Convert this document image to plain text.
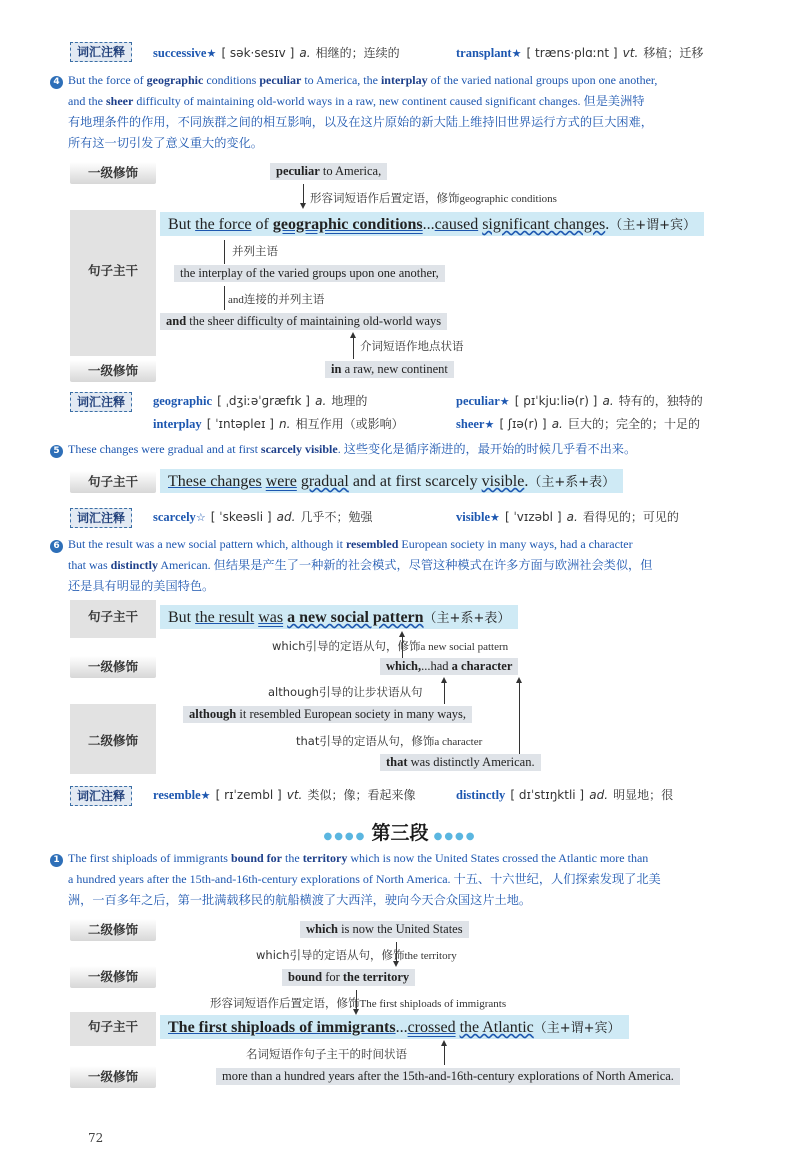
词汇注释	successive★ [ sək·sesɪv ] a. 相继的；连续的	transplant★ [ træns·plɑːnt ] vt. 移植；迁移
4 But the force of geographic conditions peculiar to America, the interplay of the varied national groups upon one another,
and the sheer difficulty of maintaining old-world ways in a raw, new continent caused significant changes. 但是美洲特
有地理条件的作用，不同族群之间的相互影响，以及在这片原始的新大陆上维持旧世界运行方式的巨大困难，
所有这一切引发了意义重大的变化。
一级修饰	peculiar to America,
形容词短语作后置定语，修饰geographic conditions
句子主干
But the force of geographic conditions...caused significant changes.（主+谓+宾）
并列主语
the interplay of the varied groups upon one another,
and连接的并列主语
and the sheer difficulty of maintaining old-world ways
介词短语作地点状语
一级修饰	in a raw, new continent
词汇注释	geographic [ ˌdʒiːəˈɡræfɪk ] a. 地理的	peculiar★ [ pɪˈkjuːliə(r) ] a. 特有的，独特的
interplay [ ˈɪntəpleɪ ] n. 相互作用（或影响）	sheer★ [ ʃɪə(r) ] a. 巨大的；完全的；十足的
5 These changes were gradual and at first scarcely visible. 这些变化是循序渐进的，最开始的时候几乎看不出来。
句子主干	These changes were gradual and at first scarcely visible.（主+系+表）
词汇注释	scarcely☆ [ ˈskeəsli ] ad. 几乎不；勉强	visible★ [ ˈvɪzəbl ] a. 看得见的；可见的
6 But the result was a new social pattern which, although it resembled European society in many ways, had a character
that was distinctly American. 但结果是产生了一种新的社会模式，尽管这种模式在许多方面与欧洲社会类似，但
还是具有明显的美国特色。
句子主干	But the result was a new social pattern（主+系+表）
which引导的定语从句，修饰a new social pattern
一级修饰	which,...had a character
although引导的让步状语从句
二级修饰
although it resembled European society in many ways,
that引导的定语从句，修饰a character
that was distinctly American.
词汇注释	resemble★ [ rɪˈzembl ] vt. 类似；像；看起来像	distinctly [ dɪˈstɪŋktli ] ad. 明显地；很
●●●● 第三段 ●●●●
1 The first shiploads of immigrants bound for the territory which is now the United States crossed the Atlantic more than
a hundred years after the 15th-and-16th-century explorations of North America. 十五、十六世纪，人们探索发现了北美
洲，一百多年之后，第一批满载移民的航船横渡了大西洋，驶向今天合众国这片土地。
二级修饰	which is now the United States
which引导的定语从句，修饰the territory
一级修饰	bound for the territory
形容词短语作后置定语，修饰The first shiploads of immigrants
句子主干	The first shiploads of immigrants...crossed the Atlantic（主+谓+宾）
名词短语作句子主干的时间状语
一级修饰	more than a hundred years after the 15th-and-16th-century explorations of North America.
72
